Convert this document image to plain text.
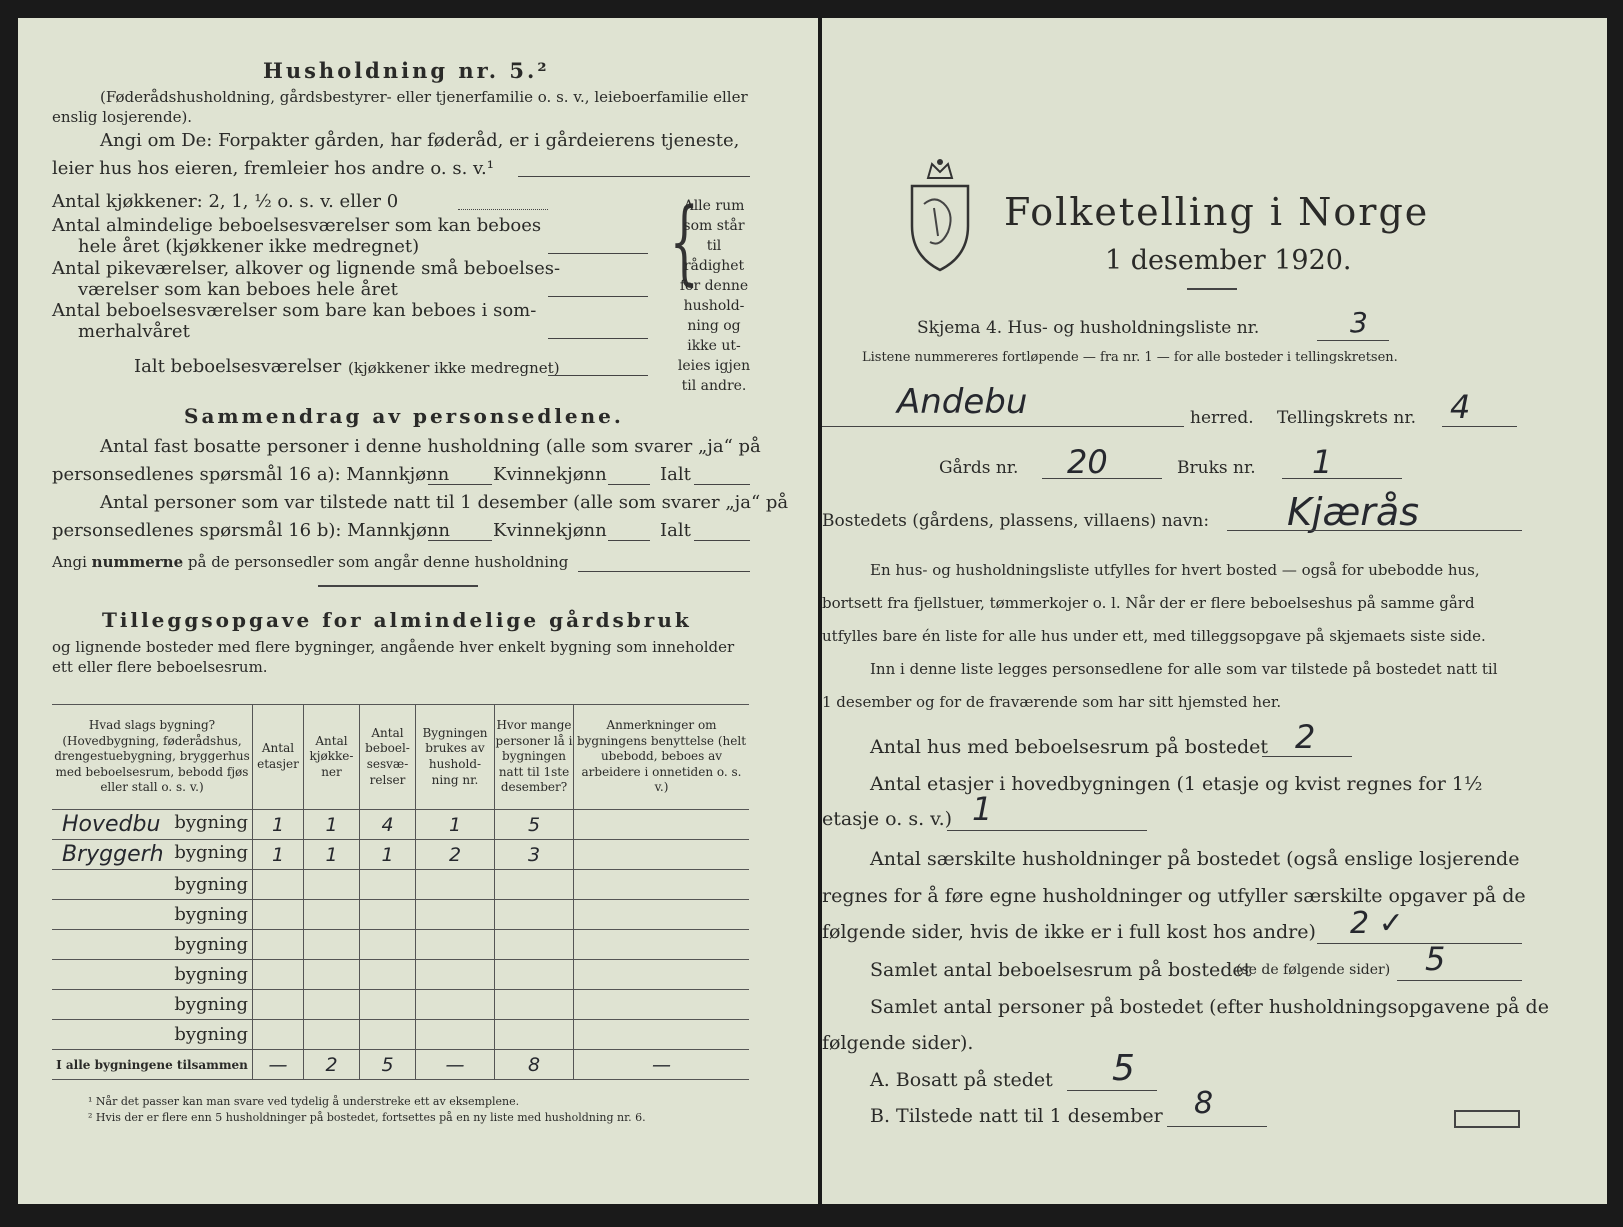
Husholdning nr. 5.²
(Føderådshusholdning, gårdsbestyrer- eller tjenerfamilie o. s. v., leieboerfamilie eller
enslig losjerende).
Angi om De: Forpakter gården, har føderåd, er i gårdeierens tjeneste,
leier hus hos eieren, fremleier hos andre o. s. v.¹
Antal kjøkkener: 2, 1, ½ o. s. v. eller 0
Antal almindelige beboelsesværelser som kan beboes
hele året (kjøkkener ikke medregnet)
Antal pikeværelser, alkover og lignende små beboelses-
værelser som kan beboes hele året
Antal beboelsesværelser som bare kan beboes i som-
merhalvåret
Ialt beboelsesværelser (kjøkkener ikke medregnet)
{
Alle rum
som står til
rådighet
for denne
hushold-
ning og
ikke ut-
leies igjen
til andre.
Sammendrag av personsedlene.
Antal fast bosatte personer i denne husholdning (alle som svarer „ja“ på
personsedlenes spørsmål 16 a): Mannkjønn Kvinnekjønn	Ialt
Antal personer som var tilstede natt til 1 desember (alle som svarer „ja“ på
personsedlenes spørsmål 16 b): Mannkjønn Kvinnekjønn	Ialt
Angi nummerne på de personsedler som angår denne husholdning
Tilleggsopgave for almindelige gårdsbruk
og lignende bosteder med flere bygninger, angående hver enkelt bygning som inneholder
ett eller flere beboelsesrum.
Hvad slags bygning? (Hovedbygning, føderådshus, drengestuebygning, bryggerhus med beboelsesrum, bebodd fjøs eller stall o. s. v.)	Antal etasjer	Antal kjøkke-ner	Antal beboel-sesvæ-relser	Bygningen brukes av hushold-ning nr.	Hvor mange personer lå i bygningen natt til 1ste desember?	Anmerkninger om bygningens benyttelse (helt ubebodd, beboes av arbeidere i onnetiden o. s. v.)

Hovedbu bygning	1	1	4	1	5	

Bryggerh bygning	1	1	1	2	3	

bygning						

bygning						

bygning						

bygning						

bygning						

bygning						
I alle bygningene tilsammen	—	2	5	—	8	—
¹ Når det passer kan man svare ved tydelig å understreke ett av eksemplene.
² Hvis der er flere enn 5 husholdninger på bostedet, fortsettes på en ny liste med husholdning nr. 6.
Folketelling i Norge
1 desember 1920.
Skjema 4. Hus- og husholdningsliste nr.	3
Listene nummereres fortløpende — fra nr. 1 — for alle bosteder i tellingskretsen.
Andebu	herred. Tellingskrets nr. 4
Gårds nr. 20	Bruks nr. 1
Bostedets (gårdens, plassens, villaens) navn: Kjærås
En hus- og husholdningsliste utfylles for hvert bosted — også for ubebodde hus,
bortsett fra fjellstuer, tømmerkojer o. l. Når der er flere beboelseshus på samme gård
utfylles bare én liste for alle hus under ett, med tilleggsopgave på skjemaets siste side.
Inn i denne liste legges personsedlene for alle som var tilstede på bostedet natt til
1 desember og for de fraværende som har sitt hjemsted her.
Antal hus med beboelsesrum på bostedet 2
Antal etasjer i hovedbygningen (1 etasje og kvist regnes for 1½
etasje o. s. v.) 1
Antal særskilte husholdninger på bostedet (også enslige losjerende
regnes for å føre egne husholdninger og utfyller særskilte opgaver på de
følgende sider, hvis de ikke er i full kost hos andre) 2 ✓
Samlet antal beboelsesrum på bostedet
(se de følgende sider) 5
Samlet antal personer på bostedet (efter husholdningsopgavene på de
følgende sider).
A. Bosatt på stedet 5
B. Tilstede natt til 1 desember 8
